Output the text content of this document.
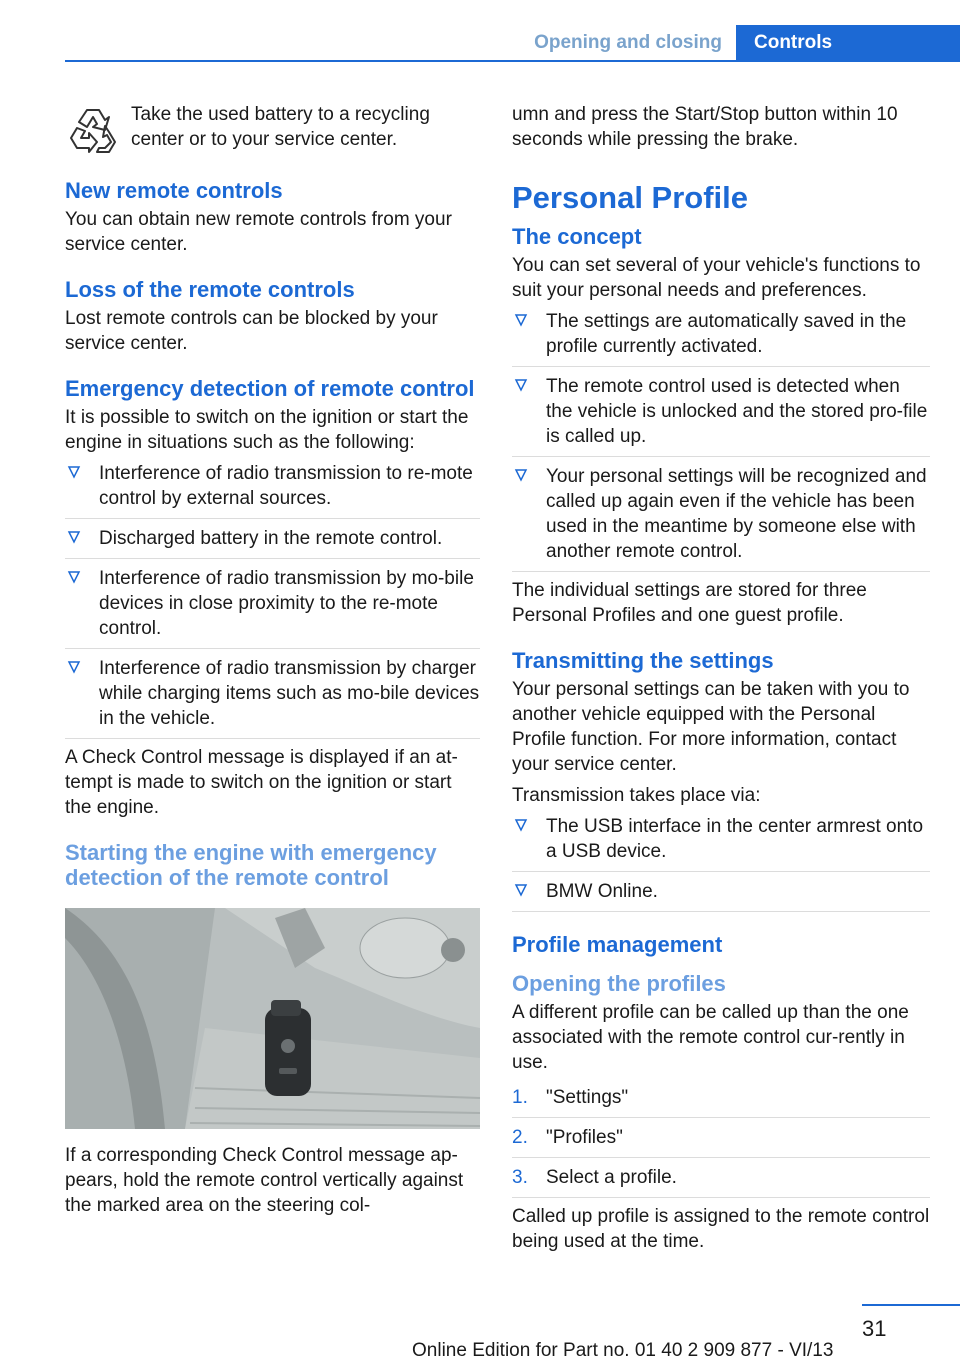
Opening and closing	Controls

Take the used battery to a recycling center or to your service center.

New remote controls

You can obtain new remote controls from your service center.

Loss of the remote controls

Lost remote controls can be blocked by your service center.

Emergency detection of remote control

It is possible to switch on the ignition or start the engine in situations such as the following:

Interference of radio transmission to re‐mote control by external sources.
Discharged battery in the remote control.
Interference of radio transmission by mo‐bile devices in close proximity to the re‐mote control.
Interference of radio transmission by charger while charging items such as mo‐bile devices in the vehicle.

A Check Control message is displayed if an at‐tempt is made to switch on the ignition or start the engine.

Starting the engine with emergency detection of the remote control

If a corresponding Check Control message ap‐pears, hold the remote control vertically against the marked area on the steering col‐

umn and press the Start/Stop button within 10 seconds while pressing the brake.

Personal Profile
The concept

You can set several of your vehicle's functions to suit your personal needs and preferences.

The settings are automatically saved in the profile currently activated.
The remote control used is detected when the vehicle is unlocked and the stored pro‐file is called up.
Your personal settings will be recognized and called up again even if the vehicle has been used in the meantime by someone else with another remote control.

The individual settings are stored for three Personal Profiles and one guest profile.

Transmitting the settings

Your personal settings can be taken with you to another vehicle equipped with the Personal Profile function. For more information, contact your service center.

Transmission takes place via:

The USB interface in the center armrest onto a USB device.
BMW Online.
Profile management
Opening the profiles

A different profile can be called up than the one associated with the remote control cur‐rently in use.

1. "Settings"
2. "Profiles"
3. Select a profile.

Called up profile is assigned to the remote control being used at the time.

31
Online Edition for Part no. 01 40 2 909 877 - VI/13
